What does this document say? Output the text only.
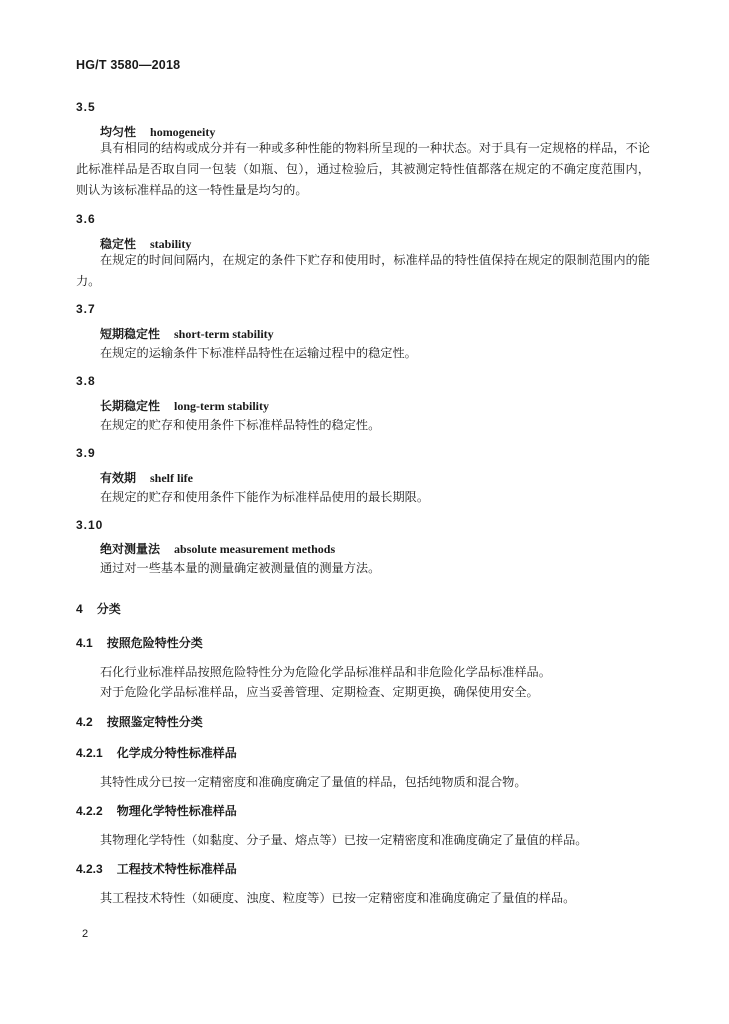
HG/T 3580—2018
3.5
均匀性 homogeneity
具有相同的结构或成分并有一种或多种性能的物料所呈现的一种状态。对于具有一定规格的样品，不论此标准样品是否取自同一包装（如瓶、包），通过检验后，其被测定特性值都落在规定的不确定度范围内，则认为该标准样品的这一特性量是均匀的。
3.6
稳定性 stability
在规定的时间间隔内，在规定的条件下贮存和使用时，标准样品的特性值保持在规定的限制范围内的能力。
3.7
短期稳定性 short-term stability
在规定的运输条件下标准样品特性在运输过程中的稳定性。
3.8
长期稳定性 long-term stability
在规定的贮存和使用条件下标准样品特性的稳定性。
3.9
有效期 shelf life
在规定的贮存和使用条件下能作为标准样品使用的最长期限。
3.10
绝对测量法 absolute measurement methods
通过对一些基本量的测量确定被测量值的测量方法。
4 分类
4.1 按照危险特性分类
石化行业标准样品按照危险特性分为危险化学品标准样品和非危险化学品标准样品。
对于危险化学品标准样品，应当妥善管理、定期检查、定期更换，确保使用安全。
4.2 按照鉴定特性分类
4.2.1 化学成分特性标准样品
其特性成分已按一定精密度和准确度确定了量值的样品，包括纯物质和混合物。
4.2.2 物理化学特性标准样品
其物理化学特性（如黏度、分子量、熔点等）已按一定精密度和准确度确定了量值的样品。
4.2.3 工程技术特性标准样品
其工程技术特性（如硬度、浊度、粒度等）已按一定精密度和准确度确定了量值的样品。
2
